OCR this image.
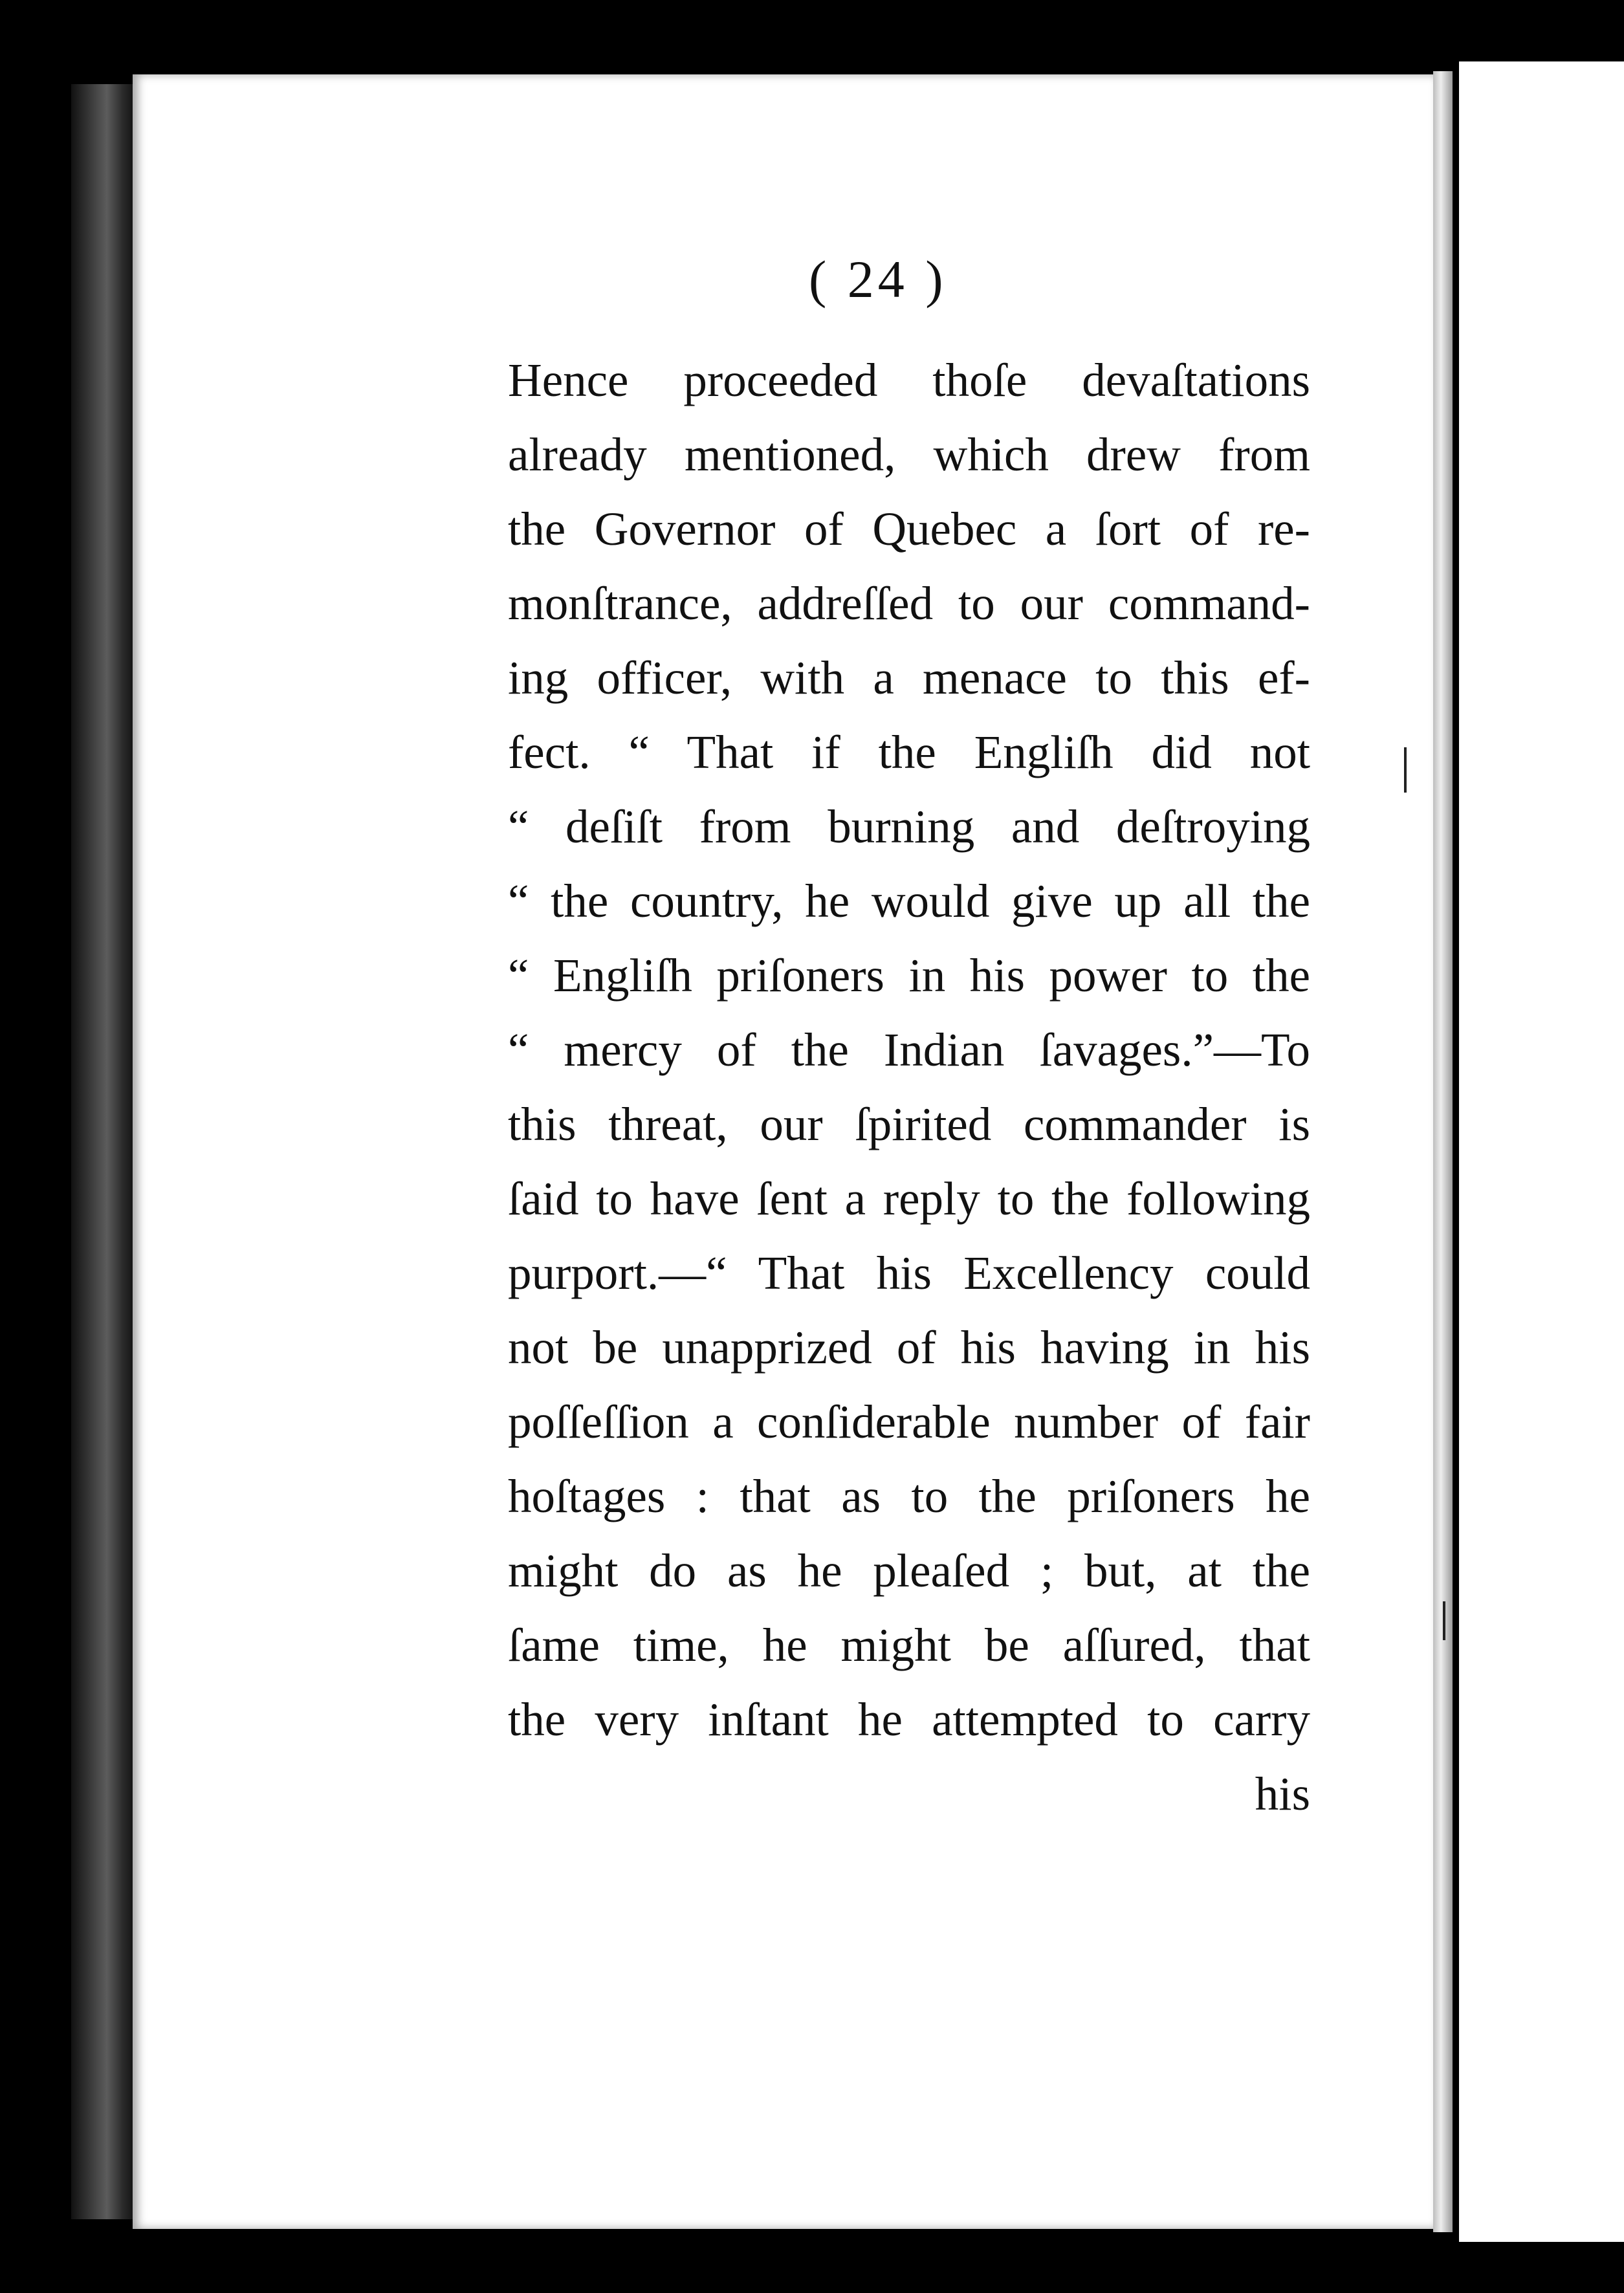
( 24 )
Hence proceeded thoſe devaſtations
already mentioned, which drew from
the Governor of Quebec a ſort of re-
monſtrance, addreſſed to our command-
ing officer, with a menace to this ef-
fect. “ That if the Engliſh did not
“ deſiſt from burning and deſtroying
“ the country, he would give up all the
“ Engliſh priſoners in his power to the
“ mercy of the Indian ſavages.”—To
this threat, our ſpirited commander is
ſaid to have ſent a reply to the following
purport.—“ That his Excellency could
not be unapprized of his having in his
poſſeſſion a conſiderable number of fair
hoſtages : that as to the priſoners he
might do as he pleaſed ; but, at the
ſame time, he might be aſſured, that
the very inſtant he attempted to carry
his
